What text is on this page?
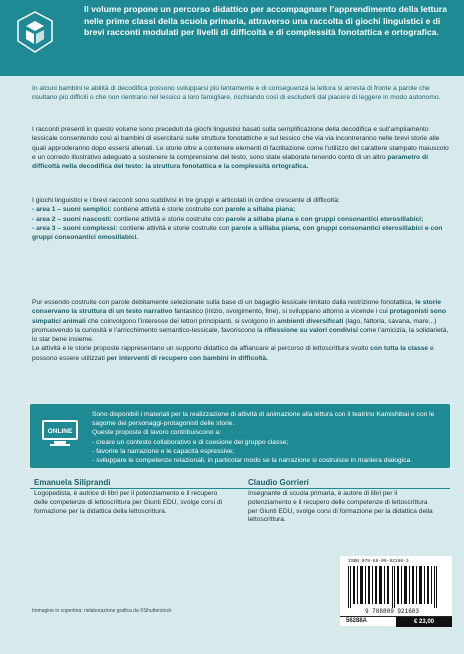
Il volume propone un percorso didattico per accompagnare l’apprendimento della lettura nelle prime classi della scuola primaria, attraverso una raccolta di giochi linguistici e di brevi racconti modulati per livelli di difficoltà e di complessità fonotattica e ortografica.
In alcuni bambini le abilità di decodifica possono svilupparsi più lentamente e di conseguenza la lettura si arresta di fronte a parole che risultano più difficili o che non rientrano nel lessico a loro famigliare, rischiando così di escluderli dal piacere di leggere in modo autonomo.

I racconti presenti in questo volume sono preceduti da giochi linguistici basati sulla semplificazione della decodifica e sull’ampliamento lessicale consentendo così ai bambini di esercitarsi sulle strutture fonotattiche e sul lessico che via via incontreranno nelle brevi storie alle quali approderanno dopo essersi allenati. Le storie oltre a contenere elementi di facilitazione come l’utilizzo del carattere stampato maiuscolo e un corredo illustrativo adeguato a sostenere la comprensione del testo, sono state elaborate tenendo conto di un altro parametro di difficoltà nella decodifica del testo: la struttura fonotattica e la complessità ortografica.

I giochi linguistici e i brevi racconti sono suddivisi in tre gruppi e articolati in ordine crescente di difficoltà:

- area 1 – suoni semplici: contiene attività e storie costruite con parole a sillaba piana;
- area 2 – suoni nascosti: contiene attività e storie costruite con parole a sillaba piana e con gruppi consonantici eterosillabici;
- area 3 – suoni complessi: contiene attività e storie costruite con parole a sillaba piana, con gruppi consonantici eterosillabici e con gruppi consonantici omosillabici.

Pur essendo costruite con parole debitamente selezionate sulla base di un bagaglio lessicale limitato dalla restrizione fonotattica, le storie conservano la struttura di un testo narrativo fantastico (inizio, svolgimento, fine), si sviluppano attorno a vicende i cui protagonisti sono simpatici animali che coinvolgono l’interesse dei lettori principianti, si svolgono in ambienti diversificati (lago, fattoria, savana, mare...) promuovendo la curiosità e l’arricchimento semantico-lessicale, favoriscono la riflessione su valori condivisi come l’amicizia, la solidarietà, lo star bene insieme.

Le attività e le storie proposte rappresentano un supporto didattico da affiancare al percorso di lettoscrittura svolto con tutta la classe e possono essere utilizzati per interventi di recupero con bambini in difficoltà.

ONLINE
Sono disponibili i materiali per la realizzazione di attività di animazione alla lettura con il teatrino Kamishibai e con le sagome dei personaggi-protagonisti delle storie.
Queste proposte di lavoro contribuiscono a:
- creare un contesto collaborativo e di coesione del gruppo classe;
- favorire la narrazione e le capacità espressive;
- sviluppare le competenze relazionali, in particolar modo se la narrazione si costruisce in maniera dialogica.

Emanuela Siliprandi

Logopedista, è autrice di libri per il potenziamento e il recupero delle competenze di lettoscrittura per Giunti EDU, svolge corsi di formazione per la didattica della lettoscrittura.

Claudio Gorrieri

Insegnante di scuola primaria, è autore di libri per il potenziamento e il recupero delle competenze di lettoscrittura per Giunti EDU, svolge corsi di formazione per la didattica della lettoscrittura.

Immagine in copertina: rielaborazione grafica da ©Shutterstock
ISBN 978-88-09-92160-3
9 788809 921603
56288A	€ 23,00
